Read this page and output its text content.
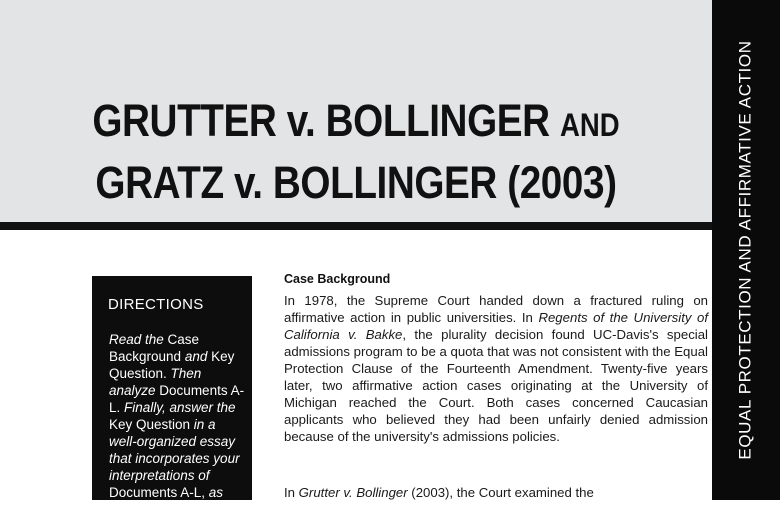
GRUTTER v. BOLLINGER AND
GRATZ v. BOLLINGER (2003)	EQUAL PROTECTION AND AFFIRMATIVE ACTION
DIRECTIONS
Read the Case Background and Key Question. Then analyze Documents A-L. Finally, answer the Key Question in a well-organized essay that incorporates your interpretations of Documents A-L, as well as
Case Background
In 1978, the Supreme Court handed down a fractured ruling on affirmative action in public universities. In Regents of the University of California v. Bakke, the plurality decision found UC-Davis's special admissions program to be a quota that was not consistent with the Equal Protection Clause of the Fourteenth Amendment. Twenty-five years later, two affirmative action cases originating at the University of Michigan reached the Court. Both cases concerned Caucasian applicants who believed they had been unfairly denied admission because of the university's admissions policies.
In Grutter v. Bollinger (2003), the Court examined the
